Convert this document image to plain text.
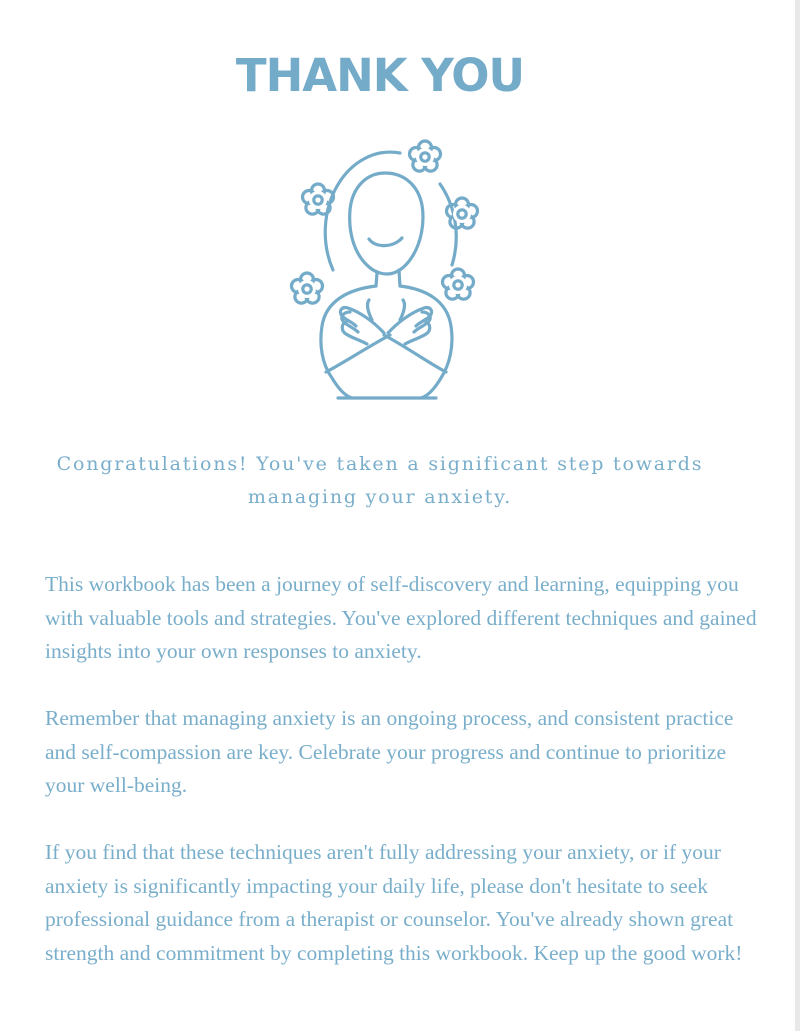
THANK YOU

Congratulations! You've taken a significant step towards managing your anxiety.

This workbook has been a journey of self-discovery and learning, equipping you with valuable tools and strategies. You've explored different techniques and gained insights into your own responses to anxiety.

Remember that managing anxiety is an ongoing process, and consistent practice and self-compassion are key. Celebrate your progress and continue to prioritize your well-being.

If you find that these techniques aren't fully addressing your anxiety, or if your anxiety is significantly impacting your daily life, please don't hesitate to seek professional guidance from a therapist or counselor. You've already shown great strength and commitment by completing this workbook. Keep up the good work!
